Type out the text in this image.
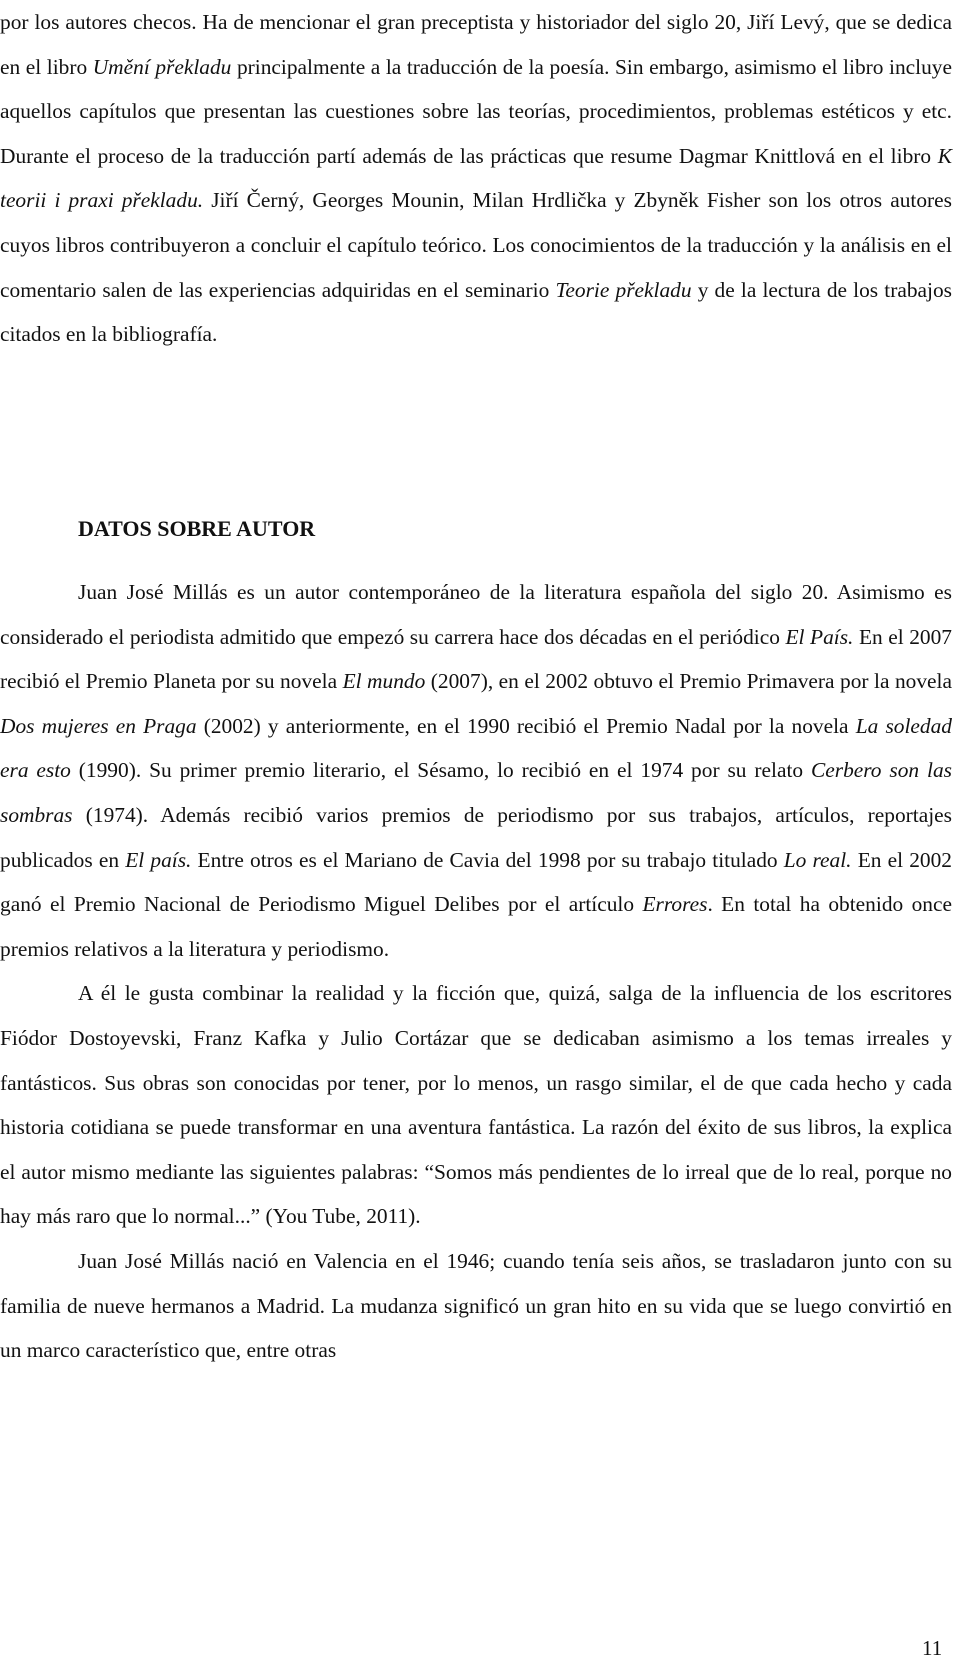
por los autores checos. Ha de mencionar el gran preceptista y historiador del siglo 20, Jiří Levý, que se dedica en el libro Umění překladu principalmente a la traducción de la poesía. Sin embargo, asimismo el libro incluye aquellos capítulos que presentan las cuestiones sobre las teorías, procedimientos, problemas estéticos y etc. Durante el proceso de la traducción partí además de las prácticas que resume Dagmar Knittlová en el libro K teorii i praxi překladu. Jiří Černý, Georges Mounin, Milan Hrdlička y Zbyněk Fisher son los otros autores cuyos libros contribuyeron a concluir el capítulo teórico. Los conocimientos de la traducción y la análisis en el comentario salen de las experiencias adquiridas en el seminario Teorie překladu y de la lectura de los trabajos citados en la bibliografía.

DATOS SOBRE AUTOR

Juan José Millás es un autor contemporáneo de la literatura española del siglo 20. Asimismo es considerado el periodista admitido que empezó su carrera hace dos décadas en el periódico El País. En el 2007 recibió el Premio Planeta por su novela El mundo (2007), en el 2002 obtuvo el Premio Primavera por la novela Dos mujeres en Praga (2002) y anteriormente, en el 1990 recibió el Premio Nadal por la novela La soledad era esto (1990). Su primer premio literario, el Sésamo, lo recibió en el 1974 por su relato Cerbero son las sombras (1974). Además recibió varios premios de periodismo por sus trabajos, artículos, reportajes publicados en El país. Entre otros es el Mariano de Cavia del 1998 por su trabajo titulado Lo real. En el 2002 ganó el Premio Nacional de Periodismo Miguel Delibes por el artículo Errores. En total ha obtenido once premios relativos a la literatura y periodismo.

A él le gusta combinar la realidad y la ficción que, quizá, salga de la influencia de los escritores Fiódor Dostoyevski, Franz Kafka y Julio Cortázar que se dedicaban asimismo a los temas irreales y fantásticos. Sus obras son conocidas por tener, por lo menos, un rasgo similar, el de que cada hecho y cada historia cotidiana se puede transformar en una aventura fantástica. La razón del éxito de sus libros, la explica el autor mismo mediante las siguientes palabras: “Somos más pendientes de lo irreal que de lo real, porque no hay más raro que lo normal...” (You Tube, 2011).

Juan José Millás nació en Valencia en el 1946; cuando tenía seis años, se trasladaron junto con su familia de nueve hermanos a Madrid. La mudanza significó un gran hito en su vida que se luego convirtió en un marco característico que, entre otras

11
